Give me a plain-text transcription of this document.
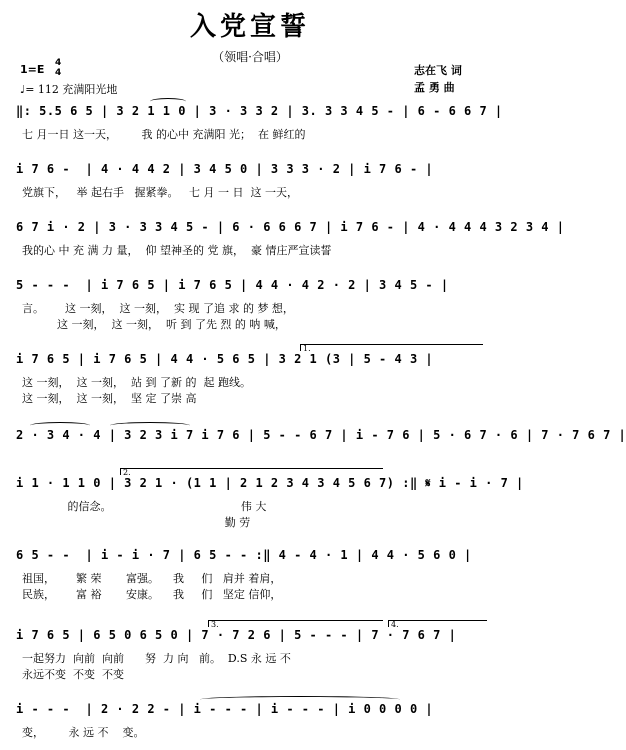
入党宣誓
（领唱·合唱）
1=E 4
4
♩= 112 充满阳光地
志在飞 词
孟 勇 曲
‖: 5.5 6 5 | 3 2 1 1 0 | 3 · 3 3 2 | 3. 3 3 4 5 - | 6 - 6 6 7 |
七 月一日 这一天，       我 的心中 充满阳 光；  在 鲜红的
i 7 6 -  | 4 · 4 4 2 | 3 4 5 0 | 3 3 3 · 2 | i 7 6 - |
党旗下，   举 起右手   握紧拳。   七 月 一 日  这 一天，
6 7 i · 2 | 3 · 3 3 4 5 - | 6 · 6 6 6 7 | i 7 6 - | 4 · 4 4 4 3 2 3 4 |
我的心 中 充 满 力 量，  仰 望神圣的 党 旗，  豪 情庄严宣读誓
5 - - -  | i 7 6 5 | i 7 6 5 | 4 4 · 4 2 · 2 | 3 4 5 - |
言。      这 一刻，  这 一刻，  实 现 了追 求 的 梦 想，
这 一刻，  这 一刻，  听 到 了先 烈 的 呐 喊，
1.
i 7 6 5 | i 7 6 5 | 4 4 · 5 6 5 | 3 2 1 (3 | 5 - 4 3 |
这 一刻，  这 一刻，  站 到 了新 的  起 跑线。
这 一刻，  这 一刻，  坚 定 了崇 高
2 · 3 4 · 4 | 3 2 3 i 7 i 7 6 | 5 - - 6 7 | i - 7 6 | 5 · 6 7 · 6 | 7 · 7 6 7 |
2.
i 1 · 1 1 0 | 3 2 1 · (1 1 | 2 1 2 3 4 3 4 5 6 7) :‖ 𝄋 i - i · 7 |
的信念。                                     伟 大
勤 劳
6 5 - -  | i - i · 7 | 6 5 - - :‖ 4 - 4 · 1 | 4 4 · 5 6 0 |
祖国，      繁 荣       富强。    我     们   肩并 着肩，
民族，      富 裕       安康。    我     们   坚定 信仰，
3.	4.
i 7 6 5 | 6 5 0 6 5 0 | 7 · 7 2 6 | 5 - - - | 7 · 7 6 7 |
一起努力  向前  向前      努  力 向   前。  D.S 永 远 不
永远不变  不变  不变
i - - -  | 2 · 2 2 - | i - - - | i - - - | i 0 0 0 0 |
变，       永 远 不    变。
